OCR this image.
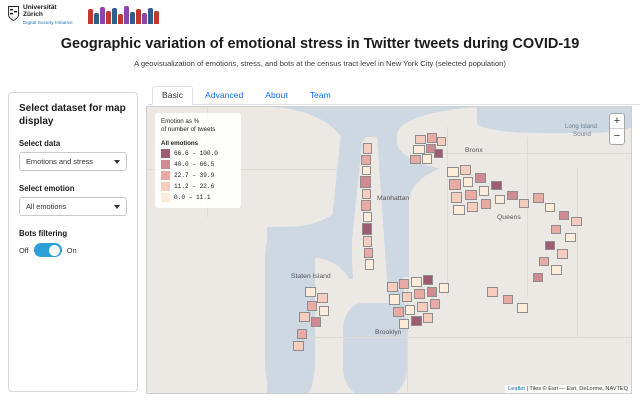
Universität
Zürich
Digital Society Initiative
Geographic variation of emotional stress in Twitter tweets during COVID-19
A geovisualization of emotions, stress, and bots at the census tract level in New York City (selected population)
Basic	Advanced	About	Team
Select dataset for map display
Select data
Emotions and stress
Select emotion
All emotions
Bots filtering
Off	On
Bronx
Manhattan
Queens
Staten Island
Brooklyn
Long Island
Sound
Emotion as %
of number of tweets
All emotions
66.6 – 100.0
40.0 – 66.5
22.7 – 39.9
11.2 – 22.6
0.0 – 11.1
+
−
Leaflet | Tiles © Esri — Esri, DeLorme, NAVTEQ
